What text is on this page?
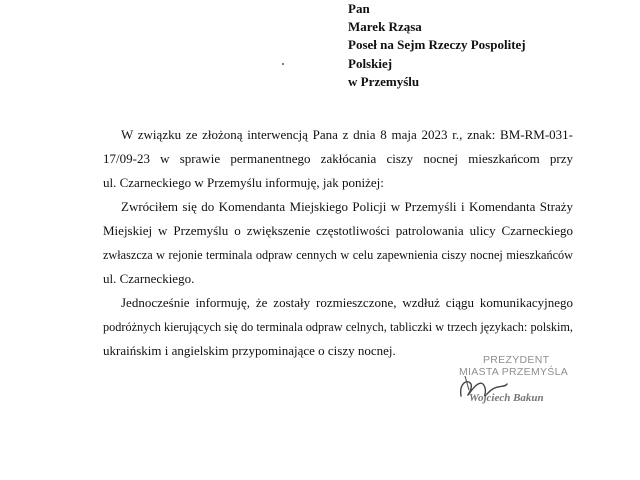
Pan
Marek Rząsa
Poseł na Sejm Rzeczy Pospolitej
Polskiej
w Przemyślu
W związku ze złożoną interwencją Pana z dnia 8 maja 2023 r., znak: BM-RM-031-
17/09-23 w sprawie permanentnego zakłócania ciszy nocnej mieszkańcom przy
ul. Czarneckiego w Przemyślu informuję, jak poniżej:
Zwróciłem się do Komendanta Miejskiego Policji w Przemyśli i Komendanta Straży
Miejskiej w Przemyślu o zwiększenie częstotliwości patrolowania ulicy Czarneckiego
zwłaszcza w rejonie terminala odpraw cennych w celu zapewnienia ciszy nocnej mieszkańców
ul. Czarneckiego.
Jednocześnie informuję, że zostały rozmieszczone, wzdłuż ciągu komunikacyjnego
podróżnych kierujących się do terminala odpraw celnych, tabliczki w trzech językach: polskim,
ukraińskim i angielskim przypominające o ciszy nocnej.
PREZYDENT
MIASTA PRZEMYŚLA
Wojciech Bakun
